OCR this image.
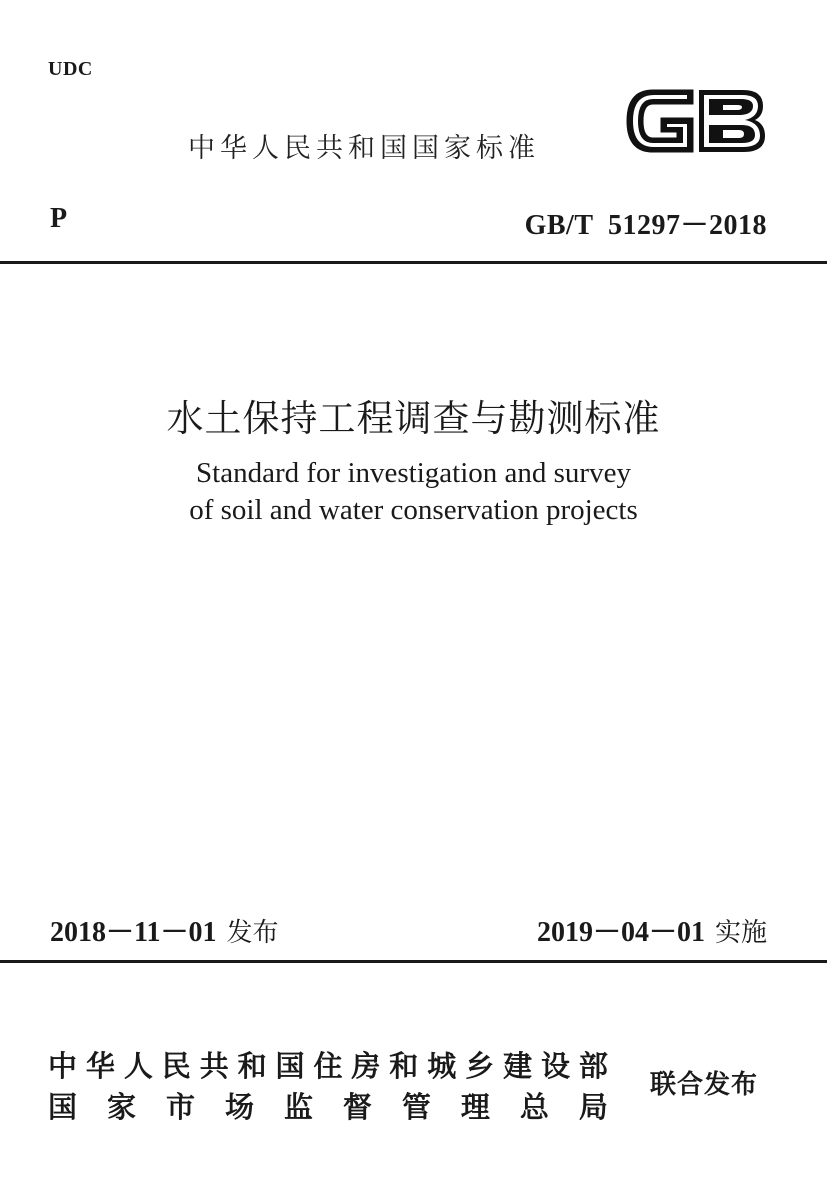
UDC
中华人民共和国国家标准
P	GB/T  51297－2018
水土保持工程调查与勘测标准
Standard for investigation and survey
of soil and water conservation projects
2018－11－01 发布	2019－04－01 实施
中 华 人 民 共 和 国 住 房 和 城 乡 建 设 部
国 家 市 场 监 督 管 理 总 局
联合发布
